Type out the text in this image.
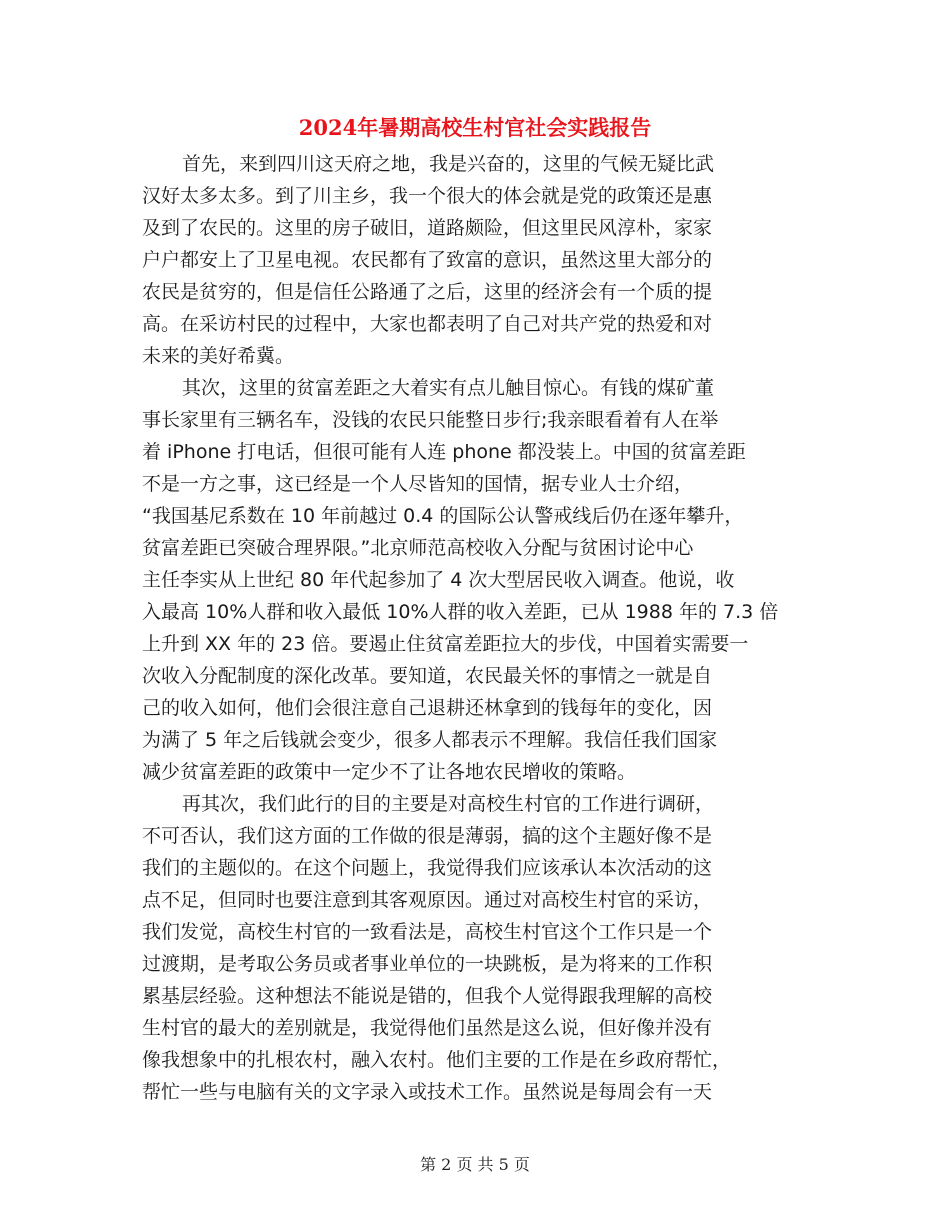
2024年暑期高校生村官社会实践报告
首先，来到四川这天府之地，我是兴奋的，这里的气候无疑比武
汉好太多太多。到了川主乡，我一个很大的体会就是党的政策还是惠
及到了农民的。这里的房子破旧，道路颇险，但这里民风淳朴，家家
户户都安上了卫星电视。农民都有了致富的意识，虽然这里大部分的
农民是贫穷的，但是信任公路通了之后，这里的经济会有一个质的提
高。在采访村民的过程中，大家也都表明了自己对共产党的热爱和对
未来的美好希冀。
其次，这里的贫富差距之大着实有点儿触目惊心。有钱的煤矿董
事长家里有三辆名车，没钱的农民只能整日步行;我亲眼看着有人在举
着 iPhone 打电话，但很可能有人连 phone 都没装上。中国的贫富差距
不是一方之事，这已经是一个人尽皆知的国情，据专业人士介绍，
“我国基尼系数在 10 年前越过 0.4 的国际公认警戒线后仍在逐年攀升，
贫富差距已突破合理界限。”北京师范高校收入分配与贫困讨论中心
主任李实从上世纪 80 年代起参加了 4 次大型居民收入调查。他说，收
入最高 10%人群和收入最低 10%人群的收入差距，已从 1988 年的 7.3 倍
上升到 XX 年的 23 倍。要遏止住贫富差距拉大的步伐，中国着实需要一
次收入分配制度的深化改革。要知道，农民最关怀的事情之一就是自
己的收入如何，他们会很注意自己退耕还林拿到的钱每年的变化，因
为满了 5 年之后钱就会变少，很多人都表示不理解。我信任我们国家
减少贫富差距的政策中一定少不了让各地农民增收的策略。
再其次，我们此行的目的主要是对高校生村官的工作进行调研，
不可否认，我们这方面的工作做的很是薄弱，搞的这个主题好像不是
我们的主题似的。在这个问题上，我觉得我们应该承认本次活动的这
点不足，但同时也要注意到其客观原因。通过对高校生村官的采访，
我们发觉，高校生村官的一致看法是，高校生村官这个工作只是一个
过渡期，是考取公务员或者事业单位的一块跳板，是为将来的工作积
累基层经验。这种想法不能说是错的，但我个人觉得跟我理解的高校
生村官的最大的差别就是，我觉得他们虽然是这么说，但好像并没有
像我想象中的扎根农村，融入农村。他们主要的工作是在乡政府帮忙，
帮忙一些与电脑有关的文字录入或技术工作。虽然说是每周会有一天
第 2 页 共 5 页
